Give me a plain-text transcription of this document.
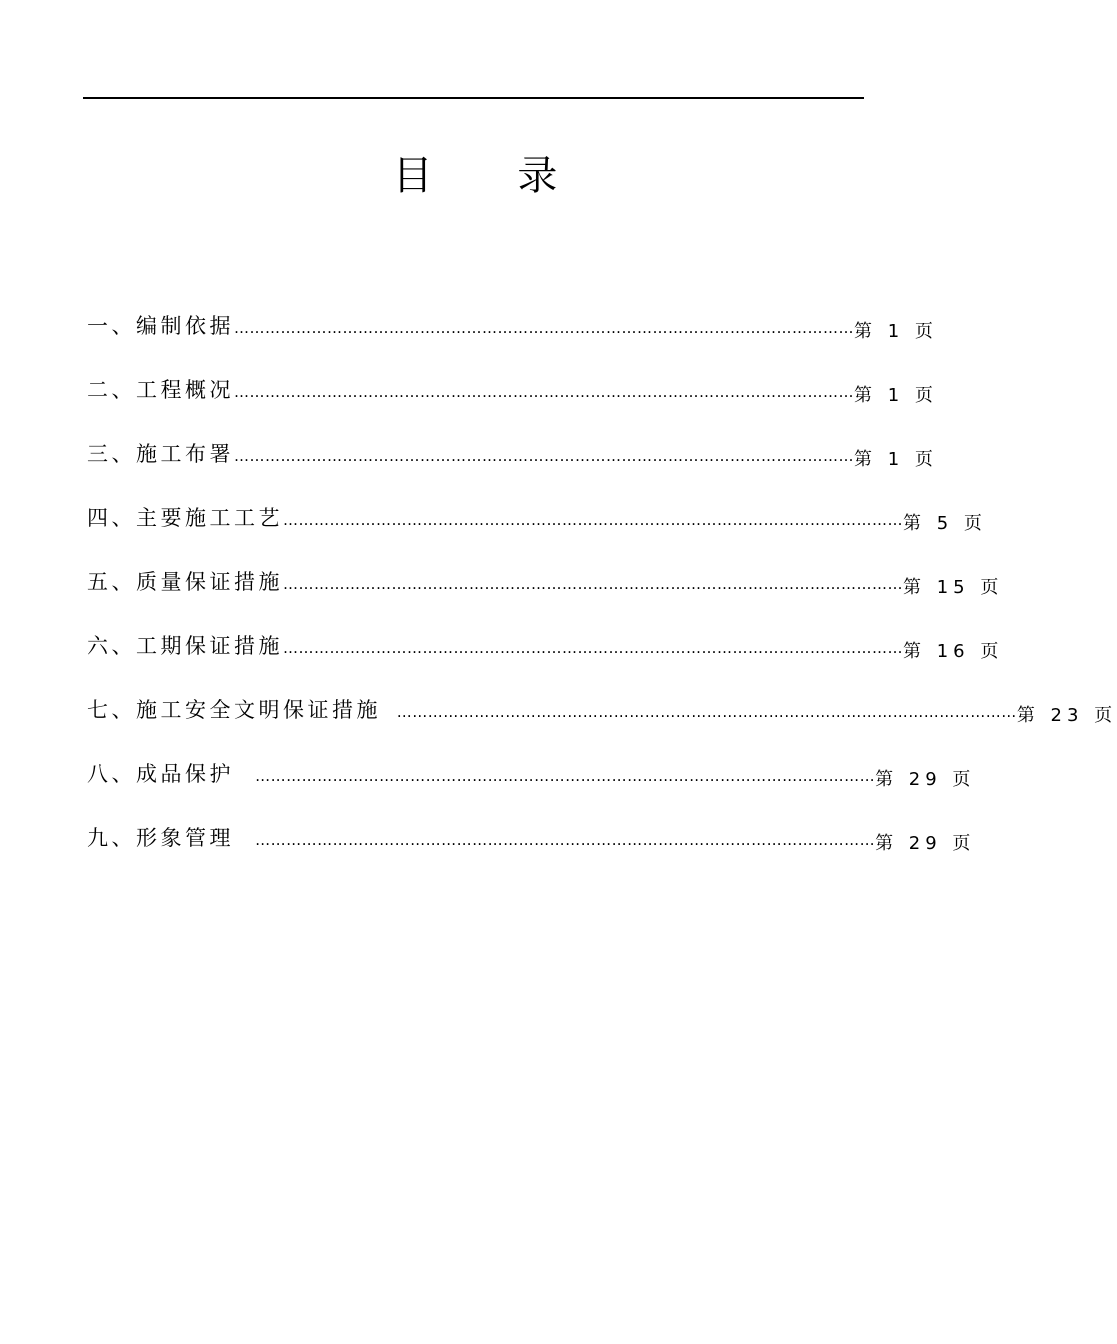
目 录
一、编制依据 ………………………………………………………………………………………………………… 第 1 页
二、工程概况 ………………………………………………………………………………………………………… 第 1 页
三、施工布署 ………………………………………………………………………………………………………… 第 1 页
四、主要施工工艺 ………………………………………………………………………………………………………… 第 5 页
五、质量保证措施 ………………………………………………………………………………………………………… 第 15 页
六、工期保证措施 ………………………………………………………………………………………………………… 第 16 页
七、施工安全文明保证措施 ………………………………………………………………………………………………………… 第 23 页
八、成品保护 ………………………………………………………………………………………………………… 第 29 页
九、形象管理 ………………………………………………………………………………………………………… 第 29 页
